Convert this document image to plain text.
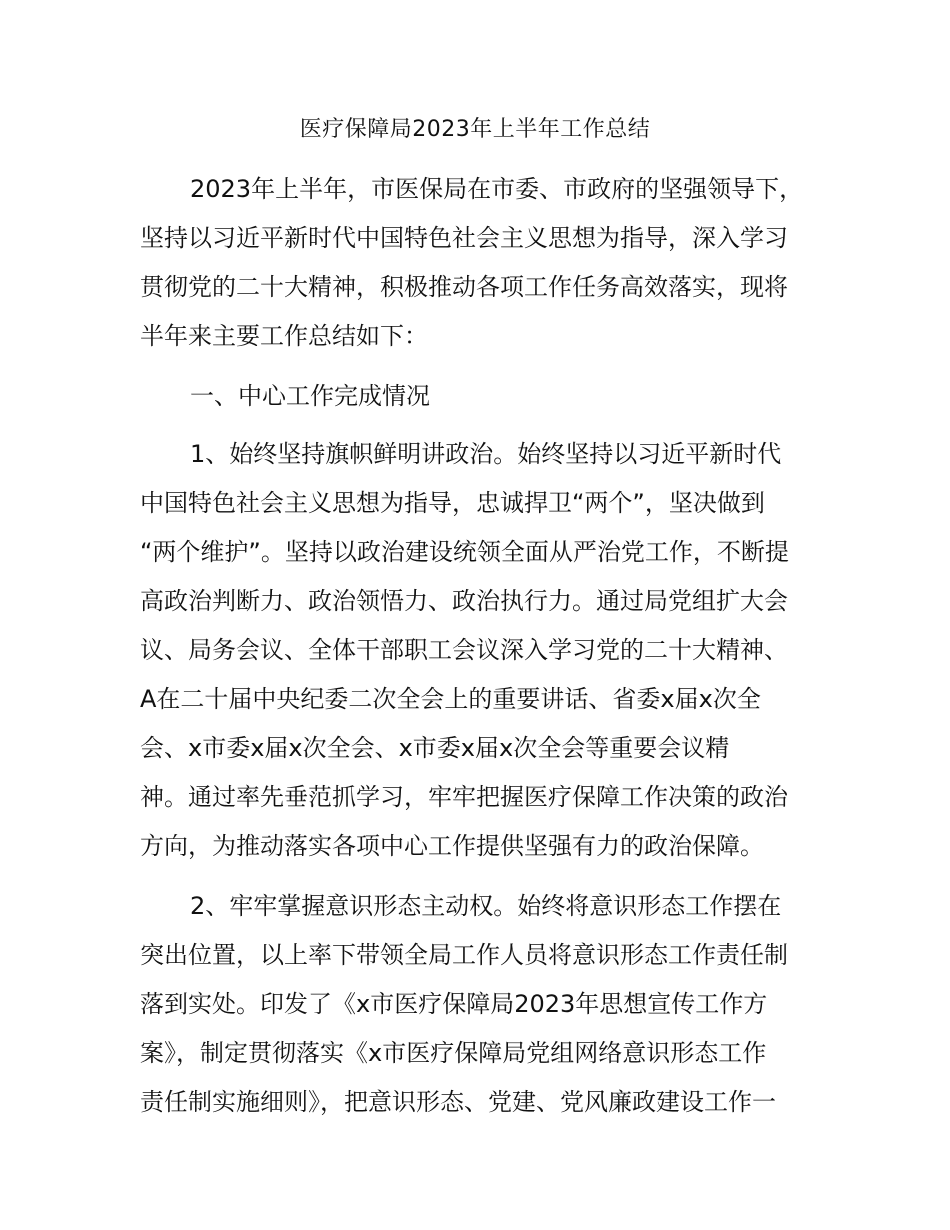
医疗保障局2023年上半年工作总结
2023年上半年，市医保局在市委、市政府的坚强领导下，
坚持以习近平新时代中国特色社会主义思想为指导，深入学习
贯彻党的二十大精神，积极推动各项工作任务高效落实，现将
半年来主要工作总结如下：
一、中心工作完成情况
1、始终坚持旗帜鲜明讲政治。始终坚持以习近平新时代
中国特色社会主义思想为指导，忠诚捍卫“两个”，坚决做到
“两个维护”。坚持以政治建设统领全面从严治党工作，不断提
高政治判断力、政治领悟力、政治执行力。通过局党组扩大会
议、局务会议、全体干部职工会议深入学习党的二十大精神、
A在二十届中央纪委二次全会上的重要讲话、省委x届x次全
会、x市委x届x次全会、x市委x届x次全会等重要会议精
神。通过率先垂范抓学习，牢牢把握医疗保障工作决策的政治
方向，为推动落实各项中心工作提供坚强有力的政治保障。
2、牢牢掌握意识形态主动权。始终将意识形态工作摆在
突出位置，以上率下带领全局工作人员将意识形态工作责任制
落到实处。印发了《x市医疗保障局2023年思想宣传工作方
案》，制定贯彻落实《x市医疗保障局党组网络意识形态工作
责任制实施细则》，把意识形态、党建、党风廉政建设工作一
